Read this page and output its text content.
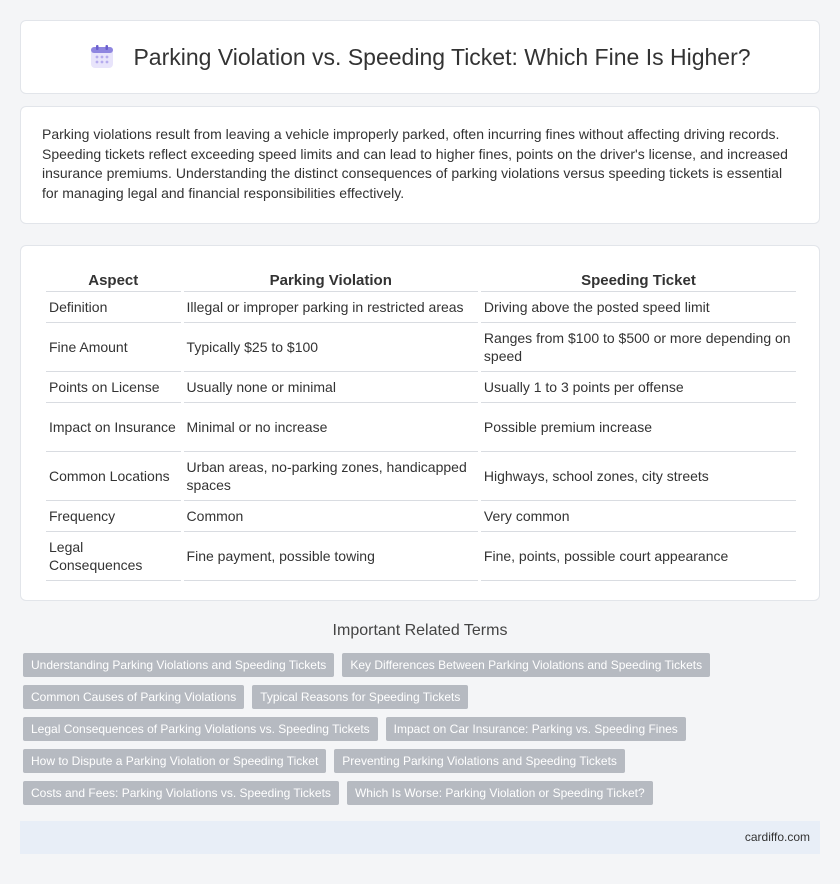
Parking Violation vs. Speeding Ticket: Which Fine Is Higher?

Parking violations result from leaving a vehicle improperly parked, often incurring fines without affecting driving records. Speeding tickets reflect exceeding speed limits and can lead to higher fines, points on the driver's license, and increased insurance premiums. Understanding the distinct consequences of parking violations versus speeding tickets is essential for managing legal and financial responsibilities effectively.

Aspect	Parking Violation	Speeding Ticket
Definition	Illegal or improper parking in restricted areas	Driving above the posted speed limit
Fine Amount	Typically $25 to $100	Ranges from $100 to $500 or more depending on speed
Points on License	Usually none or minimal	Usually 1 to 3 points per offense
Impact on Insurance	Minimal or no increase	Possible premium increase
Common Locations	Urban areas, no-parking zones, handicapped spaces	Highways, school zones, city streets
Frequency	Common	Very common
Legal Consequences	Fine payment, possible towing	Fine, points, possible court appearance
Important Related Terms
Understanding Parking Violations and Speeding Tickets	Key Differences Between Parking Violations and Speeding Tickets
Common Causes of Parking Violations	Typical Reasons for Speeding Tickets
Legal Consequences of Parking Violations vs. Speeding Tickets	Impact on Car Insurance: Parking vs. Speeding Fines
How to Dispute a Parking Violation or Speeding Ticket	Preventing Parking Violations and Speeding Tickets
Costs and Fees: Parking Violations vs. Speeding Tickets	Which Is Worse: Parking Violation or Speeding Ticket?
cardiffo.com
